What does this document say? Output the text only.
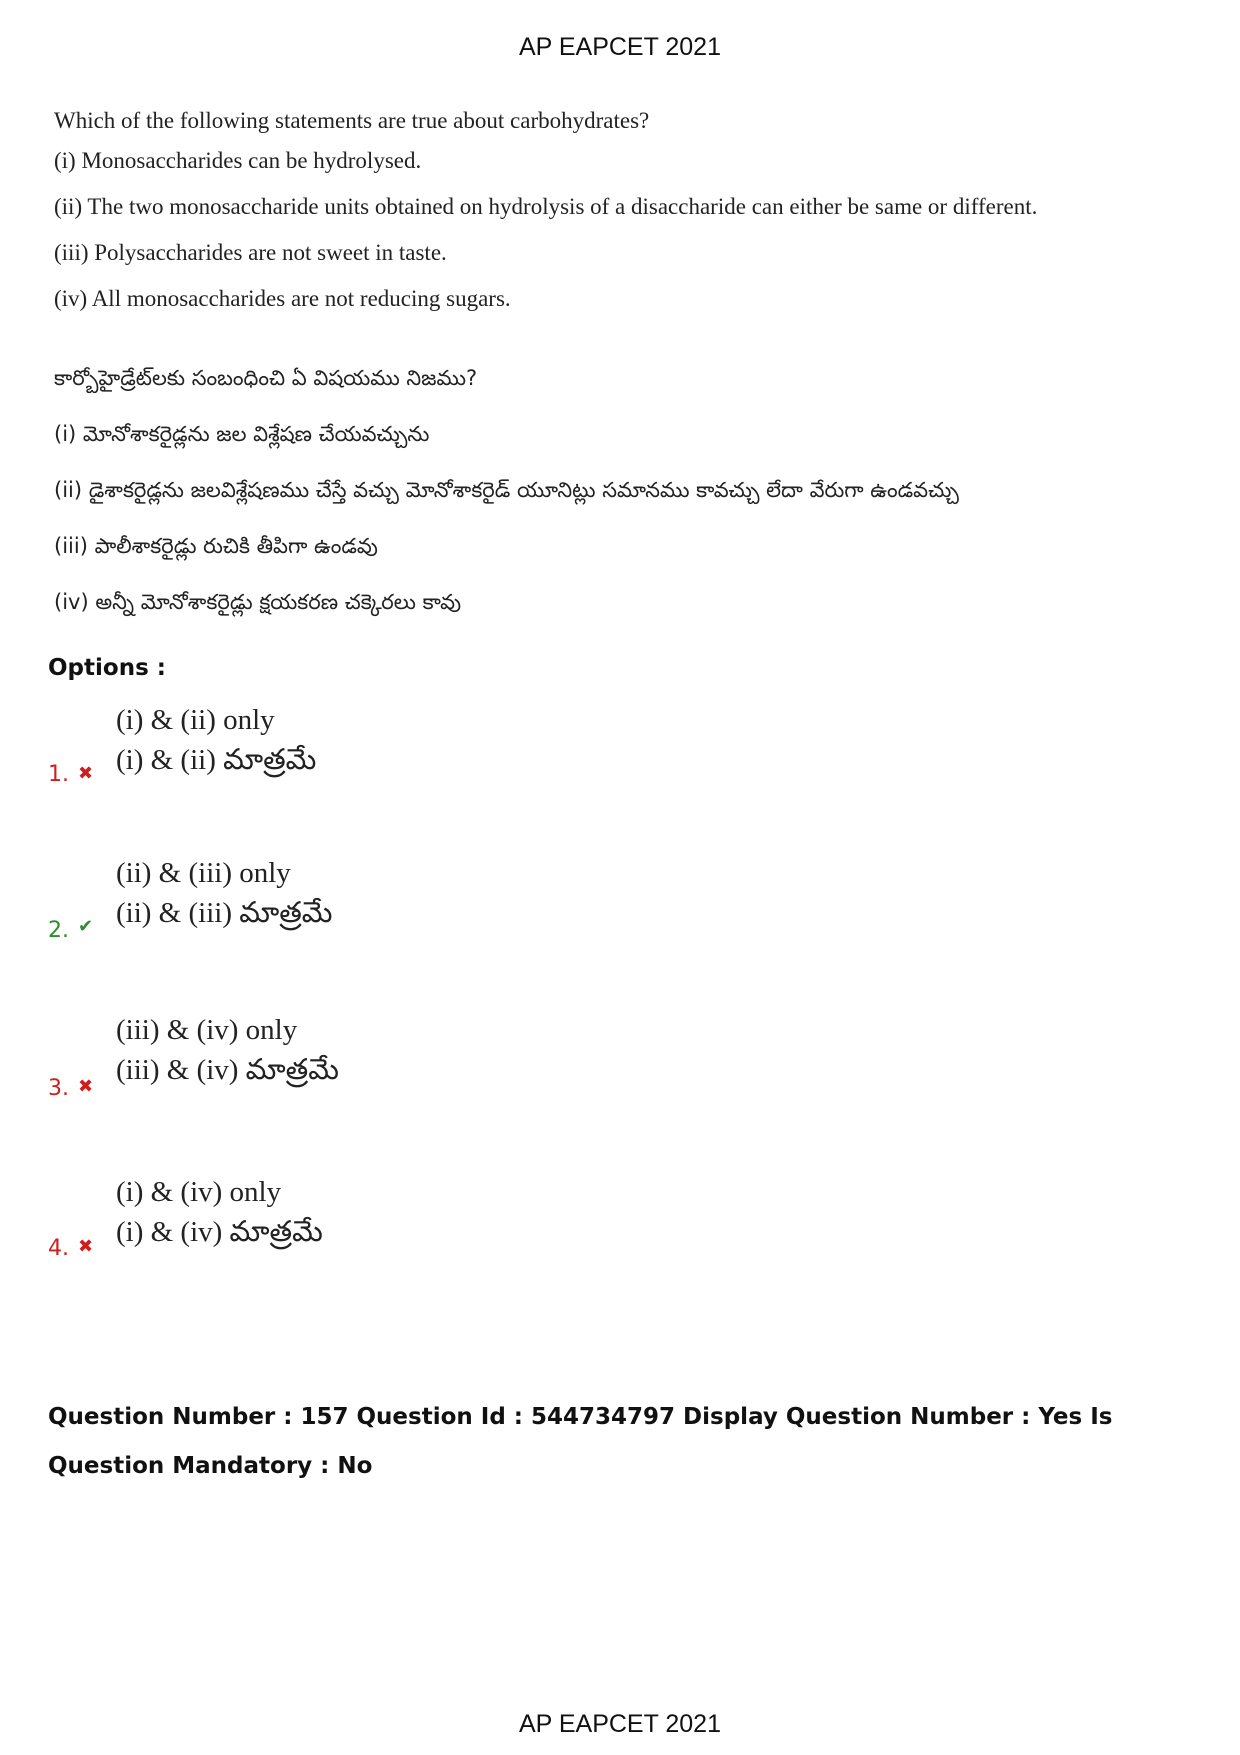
AP EAPCET 2021
Which of the following statements are true about carbohydrates?
(i) Monosaccharides can be hydrolysed.
(ii) The two monosaccharide units obtained on hydrolysis of a disaccharide can either be same or different.
(iii) Polysaccharides are not sweet in taste.
(iv) All monosaccharides are not reducing sugars.
కార్బోహైడ్రేట్‌లకు సంబంధించి ఏ విషయము నిజము?
(i) మోనోశాకరైడ్లను జల విశ్లేషణ చేయవచ్చును
(ii) డైశాకరైడ్లను జలవిశ్లేషణము చేస్తే వచ్చు మోనోశాకరైడ్ యూనిట్లు సమానము కావచ్చు లేదా వేరుగా ఉండవచ్చు
(iii) పాలీశాకరైడ్లు రుచికి తీపిగా ఉండవు
(iv) అన్నీ మోనోశాకరైడ్లు క్షయకరణ చక్కెరలు కావు
Options :
(i) & (ii) only
(i) & (ii) మాత్రమే
1. ✖
(ii) & (iii) only
(ii) & (iii) మాత్రమే
2. ✔
(iii) & (iv) only
(iii) & (iv) మాత్రమే
3. ✖
(i) & (iv) only
(i) & (iv) మాత్రమే
4. ✖
Question Number : 157 Question Id : 544734797 Display Question Number : Yes Is Question Mandatory : No
AP EAPCET 2021
